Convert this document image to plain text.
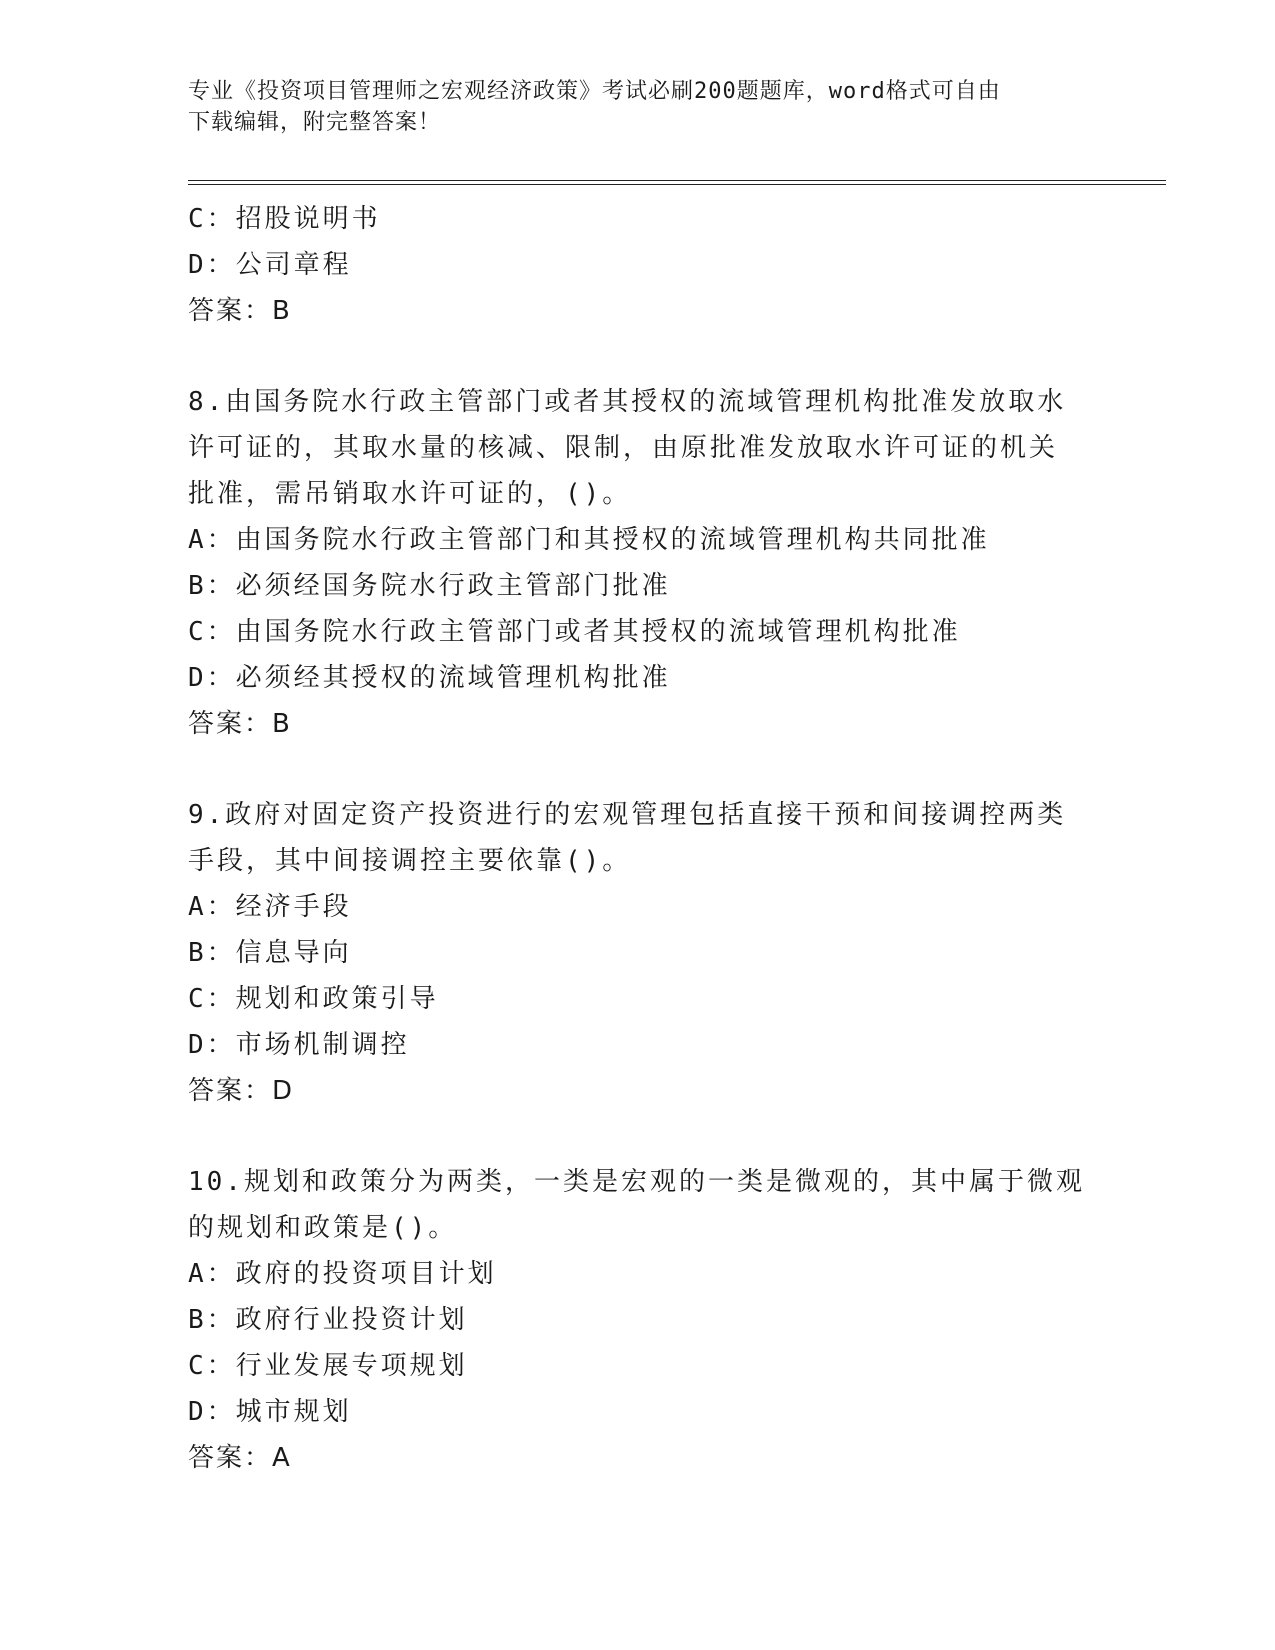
专业《投资项目管理师之宏观经济政策》考试必刷200题题库，word格式可自由
下载编辑，附完整答案！
C：招股说明书
D：公司章程
答案：B
8.由国务院水行政主管部门或者其授权的流域管理机构批准发放取水
许可证的，其取水量的核减、限制，由原批准发放取水许可证的机关
批准，需吊销取水许可证的，()。
A：由国务院水行政主管部门和其授权的流域管理机构共同批准
B：必须经国务院水行政主管部门批准
C：由国务院水行政主管部门或者其授权的流域管理机构批准
D：必须经其授权的流域管理机构批准
答案：B
9.政府对固定资产投资进行的宏观管理包括直接干预和间接调控两类
手段，其中间接调控主要依靠()。
A：经济手段
B：信息导向
C：规划和政策引导
D：市场机制调控
答案：D
10.规划和政策分为两类，一类是宏观的一类是微观的，其中属于微观
的规划和政策是()。
A：政府的投资项目计划
B：政府行业投资计划
C：行业发展专项规划
D：城市规划
答案：A
